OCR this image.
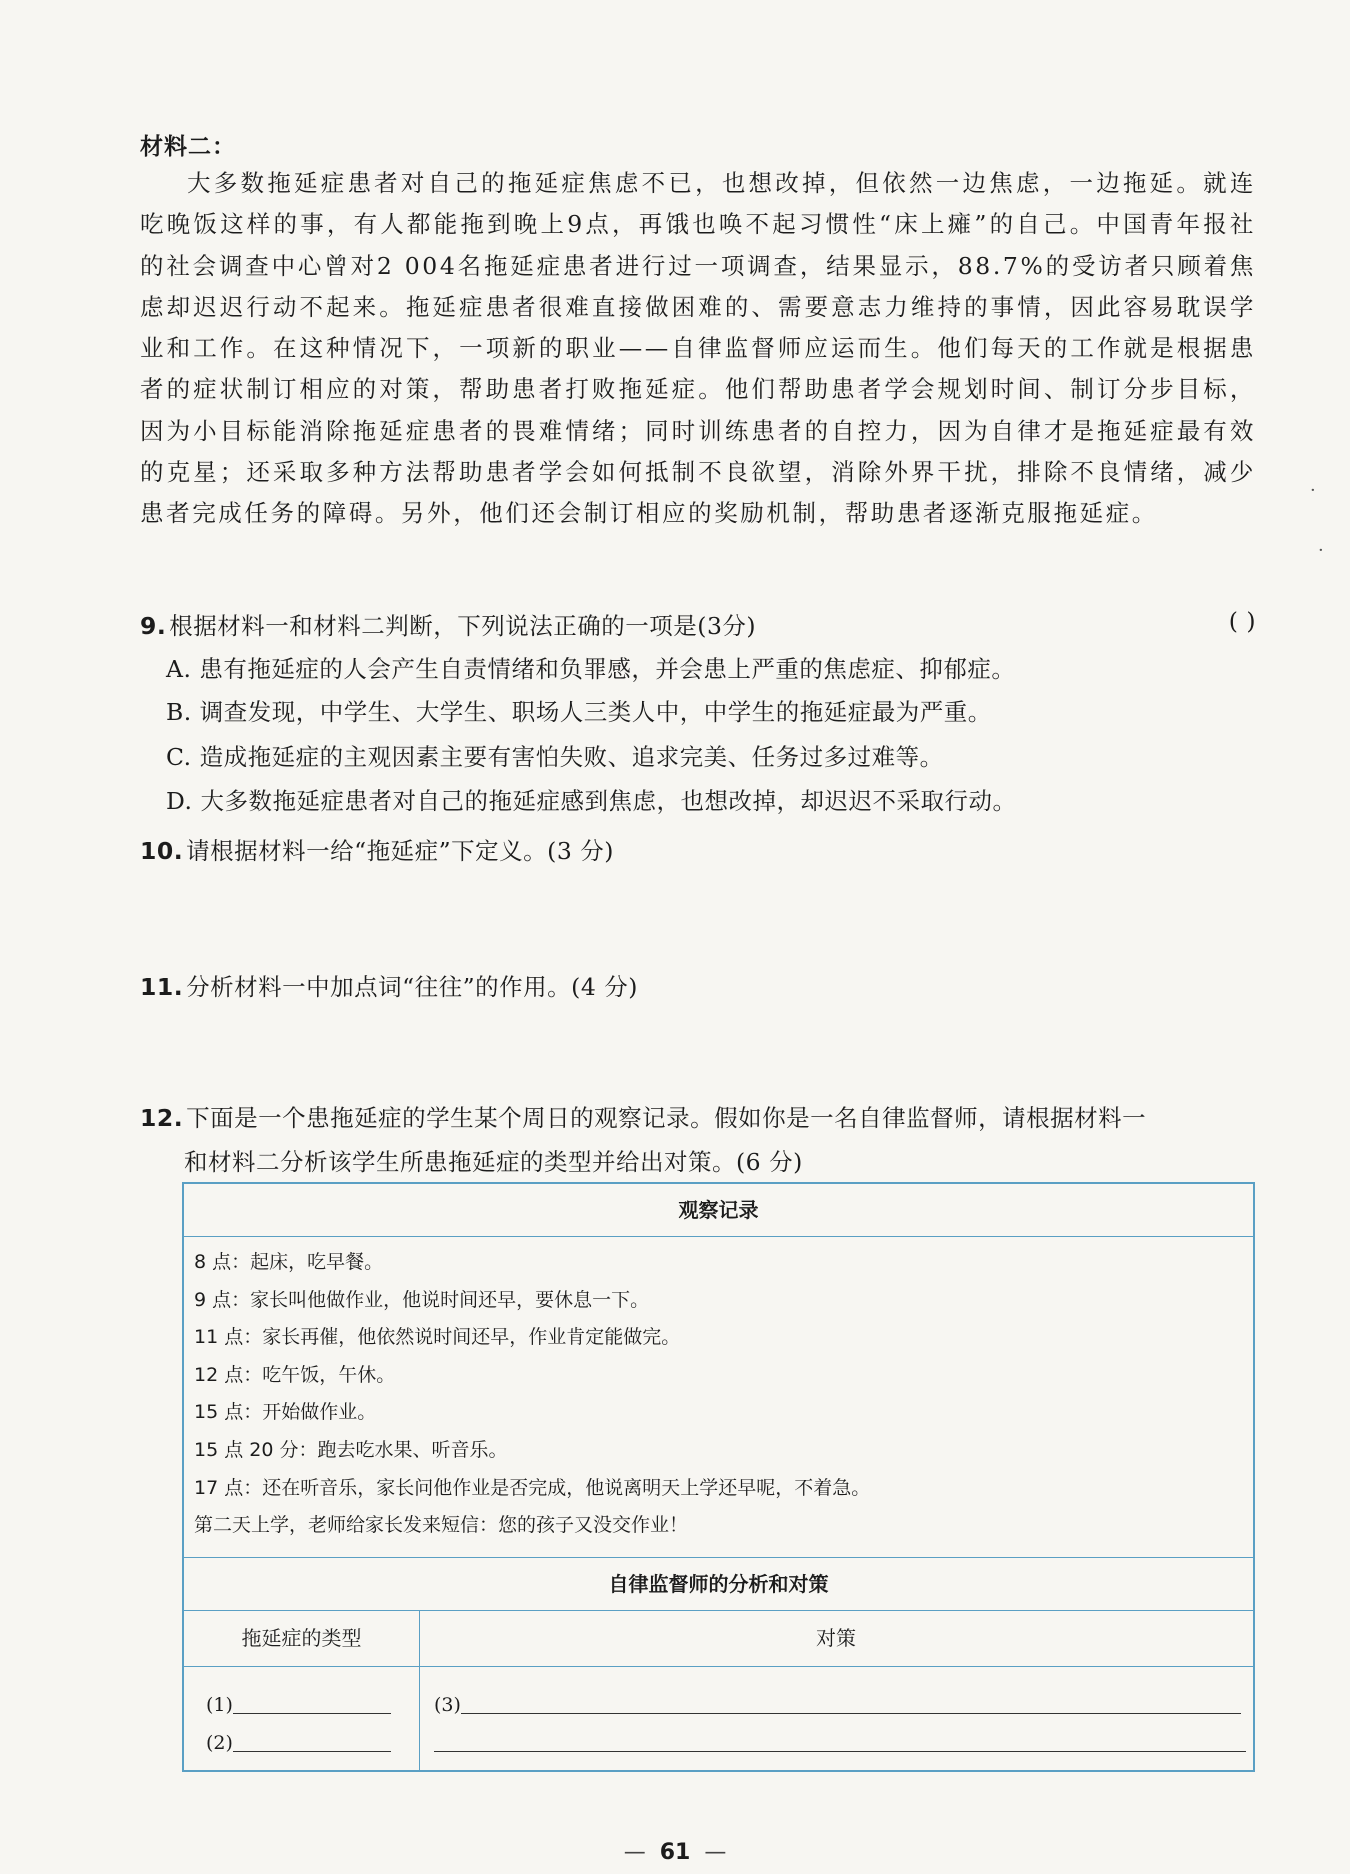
材料二：

大多数拖延症患者对自己的拖延症焦虑不已，也想改掉，但依然一边焦虑，一边拖延。就连吃晚饭这样的事，有人都能拖到晚上9点，再饿也唤不起习惯性“床上瘫”的自己。中国青年报社的社会调查中心曾对2 004名拖延症患者进行过一项调查，结果显示，88.7%的受访者只顾着焦虑却迟迟行动不起来。拖延症患者很难直接做困难的、需要意志力维持的事情，因此容易耽误学业和工作。在这种情况下，一项新的职业——自律监督师应运而生。他们每天的工作就是根据患者的症状制订相应的对策，帮助患者打败拖延症。他们帮助患者学会规划时间、制订分步目标，因为小目标能消除拖延症患者的畏难情绪；同时训练患者的自控力，因为自律才是拖延症最有效的克星；还采取多种方法帮助患者学会如何抵制不良欲望，消除外界干扰，排除不良情绪，减少患者完成任务的障碍。另外，他们还会制订相应的奖励机制，帮助患者逐渐克服拖延症。

9. 根据材料一和材料二判断，下列说法正确的一项是(3分)	( )
A. 患有拖延症的人会产生自责情绪和负罪感，并会患上严重的焦虑症、抑郁症。
B. 调查发现，中学生、大学生、职场人三类人中，中学生的拖延症最为严重。
C. 造成拖延症的主观因素主要有害怕失败、追求完美、任务过多过难等。
D. 大多数拖延症患者对自己的拖延症感到焦虑，也想改掉，却迟迟不采取行动。
10. 请根据材料一给“拖延症”下定义。(3 分)
11. 分析材料一中加点词“往往”的作用。(4 分)
12. 下面是一个患拖延症的学生某个周日的观察记录。假如你是一名自律监督师，请根据材料一
和材料二分析该学生所患拖延症的类型并给出对策。(6 分)
观察记录
8 点：起床，吃早餐。
9 点：家长叫他做作业，他说时间还早，要休息一下。
11 点：家长再催，他依然说时间还早，作业肯定能做完。
12 点：吃午饭，午休。
15 点：开始做作业。
15 点 20 分：跑去吃水果、听音乐。
17 点：还在听音乐，家长问他作业是否完成，他说离明天上学还早呢，不着急。
第二天上学，老师给家长发来短信：您的孩子又没交作业！
自律监督师的分析和对策
拖延症的类型	对策
(1)
(2)
(3)
— 61 —
·
·
